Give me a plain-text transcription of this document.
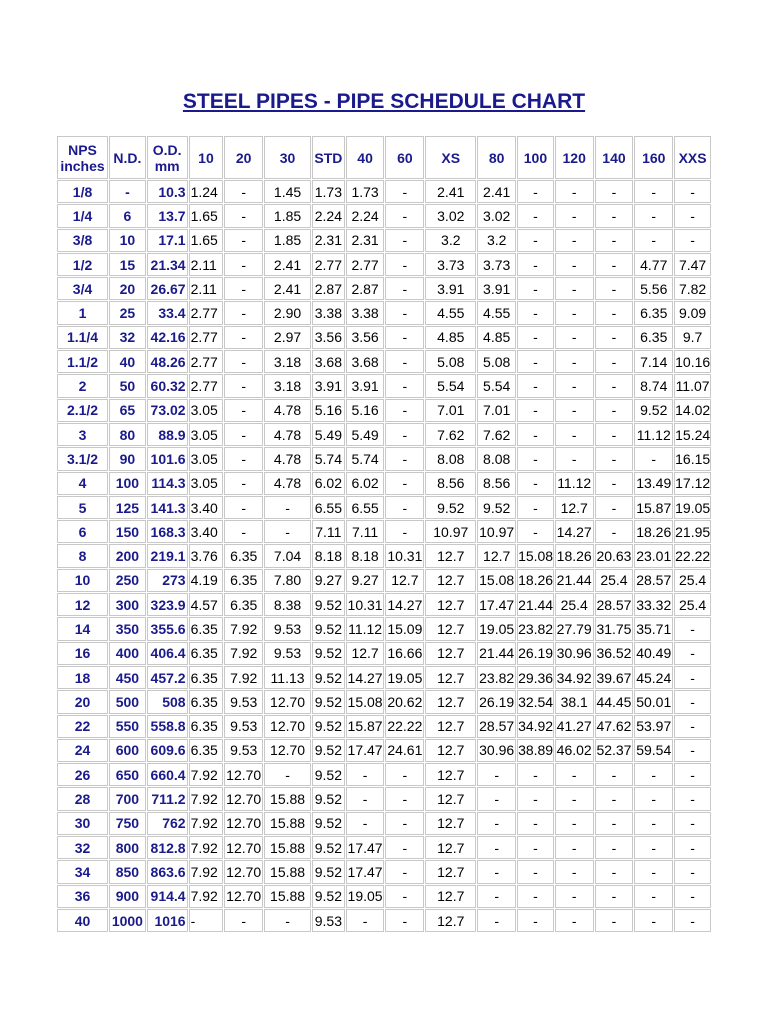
STEEL PIPES - PIPE SCHEDULE CHART
NPS inches	N.D.	O.D. mm	10	20	30	STD	40	60	XS	80	100	120	140	160	XXS
1/8	-	10.3	1.24	-	1.45	1.73	1.73	-	2.41	2.41	-	-	-	-	-
1/4	6	13.7	1.65	-	1.85	2.24	2.24	-	3.02	3.02	-	-	-	-	-
3/8	10	17.1	1.65	-	1.85	2.31	2.31	-	3.2	3.2	-	-	-	-	-
1/2	15	21.34	2.11	-	2.41	2.77	2.77	-	3.73	3.73	-	-	-	4.77	7.47
3/4	20	26.67	2.11	-	2.41	2.87	2.87	-	3.91	3.91	-	-	-	5.56	7.82
1	25	33.4	2.77	-	2.90	3.38	3.38	-	4.55	4.55	-	-	-	6.35	9.09
1.1/4	32	42.16	2.77	-	2.97	3.56	3.56	-	4.85	4.85	-	-	-	6.35	9.7
1.1/2	40	48.26	2.77	-	3.18	3.68	3.68	-	5.08	5.08	-	-	-	7.14	10.16
2	50	60.32	2.77	-	3.18	3.91	3.91	-	5.54	5.54	-	-	-	8.74	11.07
2.1/2	65	73.02	3.05	-	4.78	5.16	5.16	-	7.01	7.01	-	-	-	9.52	14.02
3	80	88.9	3.05	-	4.78	5.49	5.49	-	7.62	7.62	-	-	-	11.12	15.24
3.1/2	90	101.6	3.05	-	4.78	5.74	5.74	-	8.08	8.08	-	-	-	-	16.15
4	100	114.3	3.05	-	4.78	6.02	6.02	-	8.56	8.56	-	11.12	-	13.49	17.12
5	125	141.3	3.40	-	-	6.55	6.55	-	9.52	9.52	-	12.7	-	15.87	19.05
6	150	168.3	3.40	-	-	7.11	7.11	-	10.97	10.97	-	14.27	-	18.26	21.95
8	200	219.1	3.76	6.35	7.04	8.18	8.18	10.31	12.7	12.7	15.08	18.26	20.63	23.01	22.22
10	250	273	4.19	6.35	7.80	9.27	9.27	12.7	12.7	15.08	18.26	21.44	25.4	28.57	25.4
12	300	323.9	4.57	6.35	8.38	9.52	10.31	14.27	12.7	17.47	21.44	25.4	28.57	33.32	25.4
14	350	355.6	6.35	7.92	9.53	9.52	11.12	15.09	12.7	19.05	23.82	27.79	31.75	35.71	-
16	400	406.4	6.35	7.92	9.53	9.52	12.7	16.66	12.7	21.44	26.19	30.96	36.52	40.49	-
18	450	457.2	6.35	7.92	11.13	9.52	14.27	19.05	12.7	23.82	29.36	34.92	39.67	45.24	-
20	500	508	6.35	9.53	12.70	9.52	15.08	20.62	12.7	26.19	32.54	38.1	44.45	50.01	-
22	550	558.8	6.35	9.53	12.70	9.52	15.87	22.22	12.7	28.57	34.92	41.27	47.62	53.97	-
24	600	609.6	6.35	9.53	12.70	9.52	17.47	24.61	12.7	30.96	38.89	46.02	52.37	59.54	-
26	650	660.4	7.92	12.70	-	9.52	-	-	12.7	-	-	-	-	-	-
28	700	711.2	7.92	12.70	15.88	9.52	-	-	12.7	-	-	-	-	-	-
30	750	762	7.92	12.70	15.88	9.52	-	-	12.7	-	-	-	-	-	-
32	800	812.8	7.92	12.70	15.88	9.52	17.47	-	12.7	-	-	-	-	-	-
34	850	863.6	7.92	12.70	15.88	9.52	17.47	-	12.7	-	-	-	-	-	-
36	900	914.4	7.92	12.70	15.88	9.52	19.05	-	12.7	-	-	-	-	-	-
40	1000	1016	-	-	-	9.53	-	-	12.7	-	-	-	-	-	-
